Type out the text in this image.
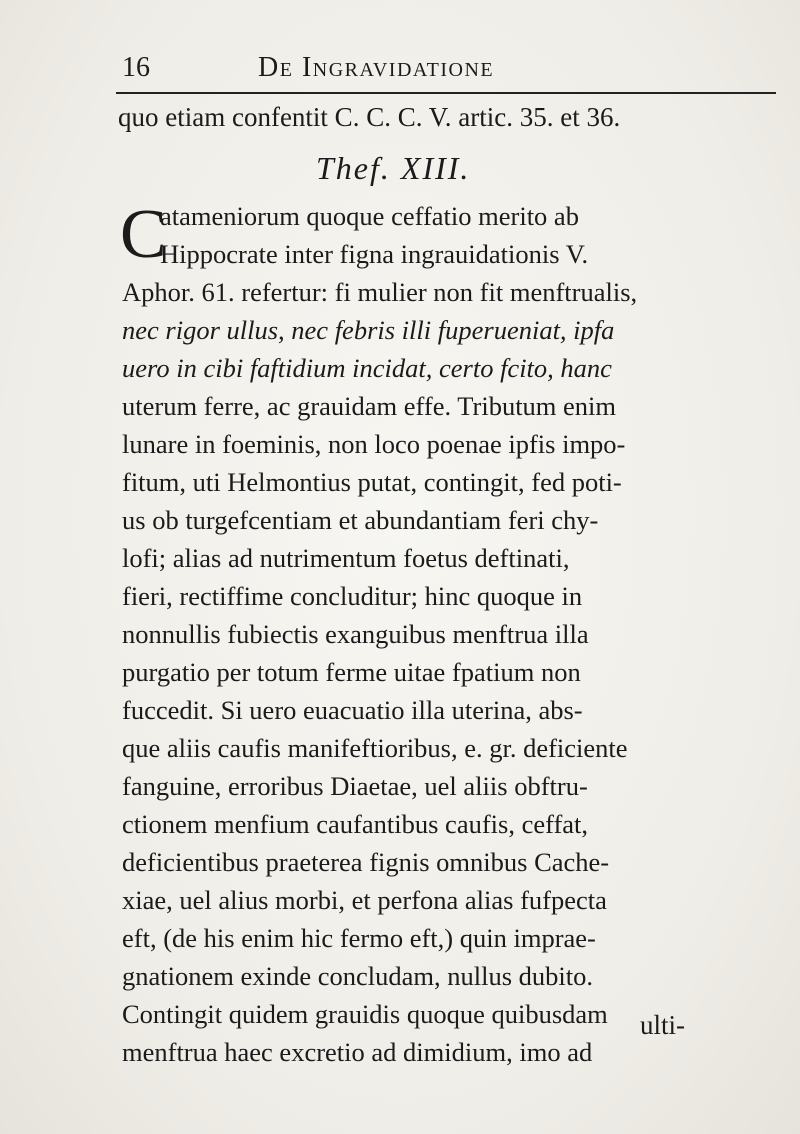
16	De Ingravidatione
quo etiam confentit C. C. C. V. artic. 35. et 36.
Thef. XIII.
C
atameniorum quoque ceffatio merito ab
Hippocrate inter figna ingrauidationis V.
Aphor. 61. refertur: fi mulier non fit menftrualis,
nec rigor ullus, nec febris illi fuperueniat, ipfa
uero in cibi faftidium incidat, certo fcito, hanc
uterum ferre, ac grauidam effe. Tributum enim
lunare in foeminis, non loco poenae ipfis impo-
fitum, uti Helmontius putat, contingit, fed poti-
us ob turgefcentiam et abundantiam feri chy-
lofi; alias ad nutrimentum foetus deftinati,
fieri, rectiffime concluditur; hinc quoque in
nonnullis fubiectis exanguibus menftrua illa
purgatio per totum ferme uitae fpatium non
fuccedit. Si uero euacuatio illa uterina, abs-
que aliis caufis manifeftioribus, e. gr. deficiente
fanguine, erroribus Diaetae, uel aliis obftru-
ctionem menfium caufantibus caufis, ceffat,
deficientibus praeterea fignis omnibus Cache-
xiae, uel alius morbi, et perfona alias fufpecta
eft, (de his enim hic fermo eft,) quin imprae-
gnationem exinde concludam, nullus dubito.
Contingit quidem grauidis quoque quibusdam
menftrua haec excretio ad dimidium, imo ad
ulti-
